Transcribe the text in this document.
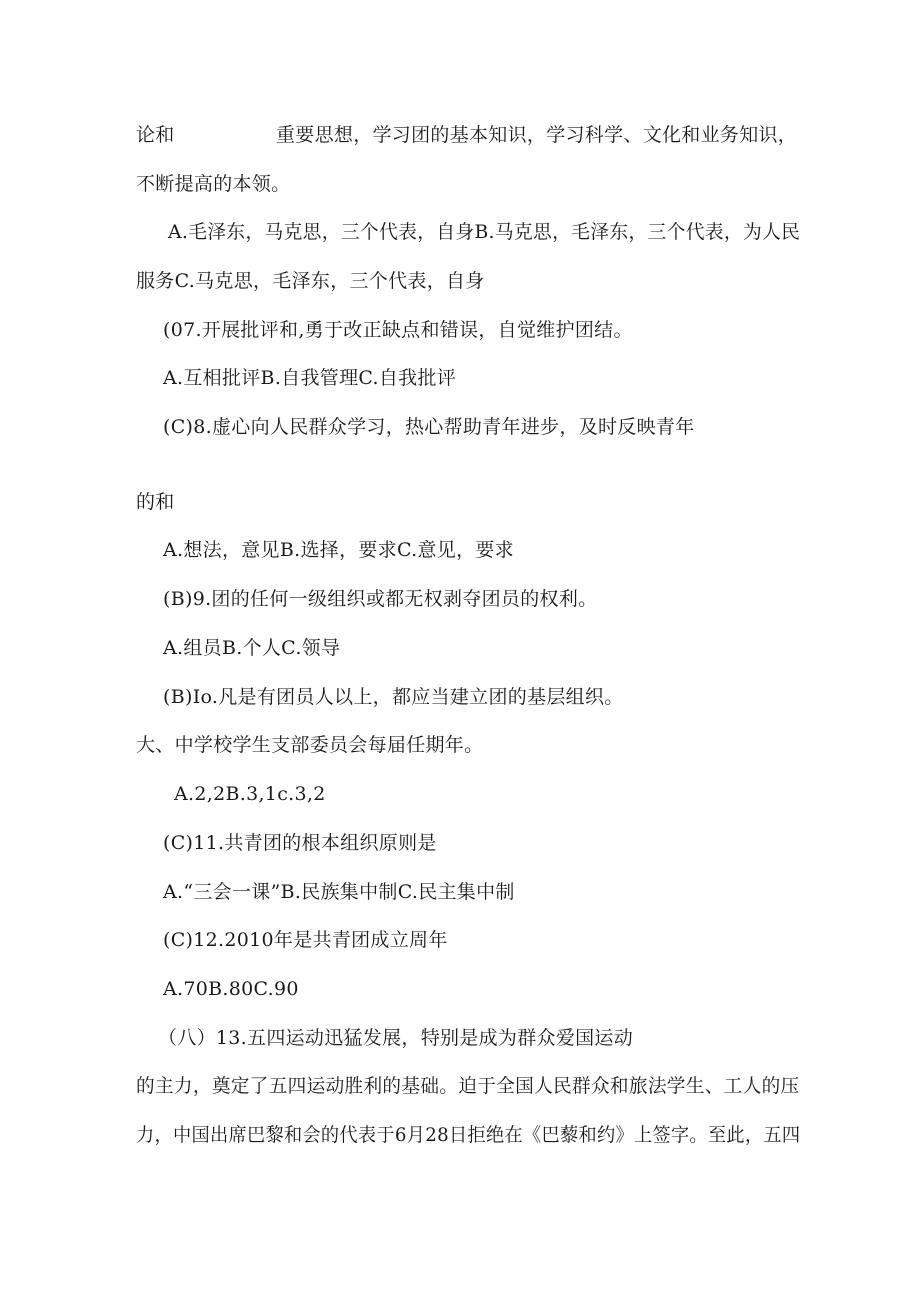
论和	重要思想，学习团的基本知识，学习科学、文化和业务知识，
不断提高的本领。
A.毛泽东，马克思，三个代表，自身B.马克思，毛泽东，三个代表，为人民
服务C.马克思，毛泽东，三个代表，自身
(07.开展批评和,勇于改正缺点和错误，自觉维护团结。
A.互相批评B.自我管理C.自我批评
(C)8.虚心向人民群众学习，热心帮助青年进步，及时反映青年
的和
A.想法，意见B.选择，要求C.意见，要求
(B)9.团的任何一级组织或都无权剥夺团员的权利。
A.组员B.个人C.领导
(B)Io.凡是有团员人以上，都应当建立团的基层组织。
大、中学校学生支部委员会每届任期年。
A.2,2B.3,1c.3,2
(C)11.共青团的根本组织原则是
A.“三会一课”B.民族集中制C.民主集中制
(C)12.2010年是共青团成立周年
A.70B.80C.90
（八）13.五四运动迅猛发展，特别是成为群众爱国运动
的主力，奠定了五四运动胜利的基础。迫于全国人民群众和旅法学生、工人的压
力，中国出席巴黎和会的代表于6月28日拒绝在《巴藜和约》上签字。至此，五四
